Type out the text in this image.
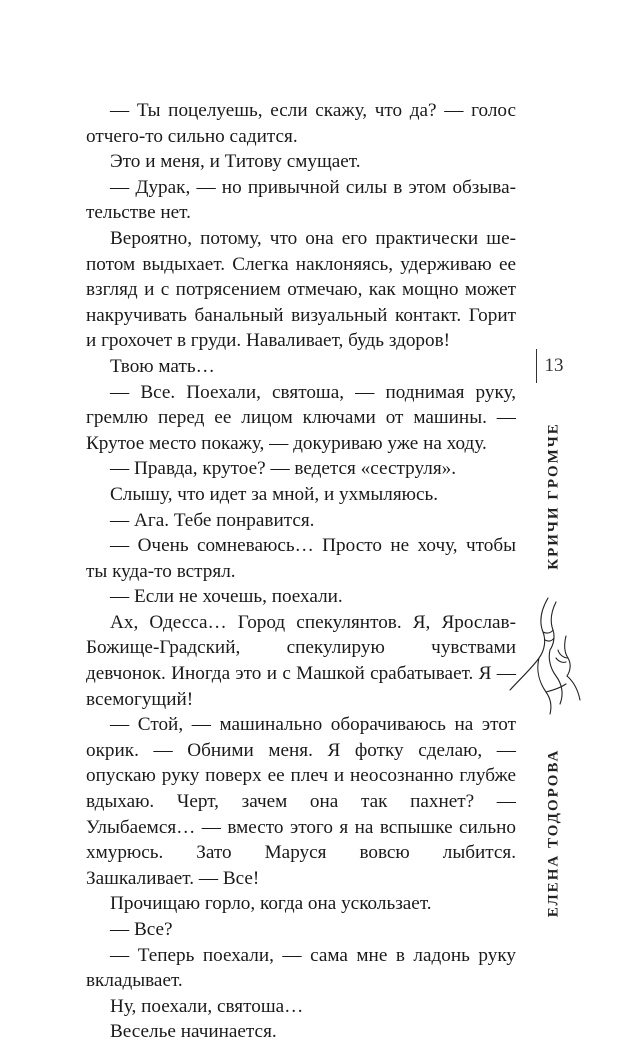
— Ты поцелуешь, если скажу, что да? — голос отчего-то сильно садится.

Это и меня, и Титову смущает.

— Дурак, — но привычной силы в этом обзывательстве нет.

Вероятно, потому, что она его практически шепотом выдыхает. Слегка наклоняясь, удерживаю ее взгляд и с потрясением отмечаю, как мощно может накручивать банальный визуальный контакт. Горит и грохочет в груди. Наваливает, будь здоров!

Твою мать…

— Все. Поехали, святоша, — поднимая руку, гремлю перед ее лицом ключами от машины. — Крутое место покажу, — докуриваю уже на ходу.

— Правда, крутое? — ведется «сеструля».

Слышу, что идет за мной, и ухмыляюсь.

— Ага. Тебе понравится.

— Очень сомневаюсь… Просто не хочу, чтобы ты куда-то встрял.

— Если не хочешь, поехали.

Ах, Одесса… Город спекулянтов. Я, Ярослав-Божище-Градский, спекулирую чувствами девчонок. Иногда это и с Машкой срабатывает. Я — всемогущий!

— Стой, — машинально оборачиваюсь на этот окрик. — Обними меня. Я фотку сделаю, — опускаю руку поверх ее плеч и неосознанно глубже вдыхаю. Черт, зачем она так пахнет? — Улыбаемся… — вместо этого я на вспышке сильно хмурюсь. Зато Маруся вовсю лыбится. Зашкаливает. — Все!

Прочищаю горло, когда она ускользает.

— Все?

— Теперь поехали, — сама мне в ладонь руку вкладывает.

Ну, поехали, святоша…

Веселье начинается.

13
КРИЧИ ГРОМЧЕ
ЕЛЕНА ТОДОРОВА
